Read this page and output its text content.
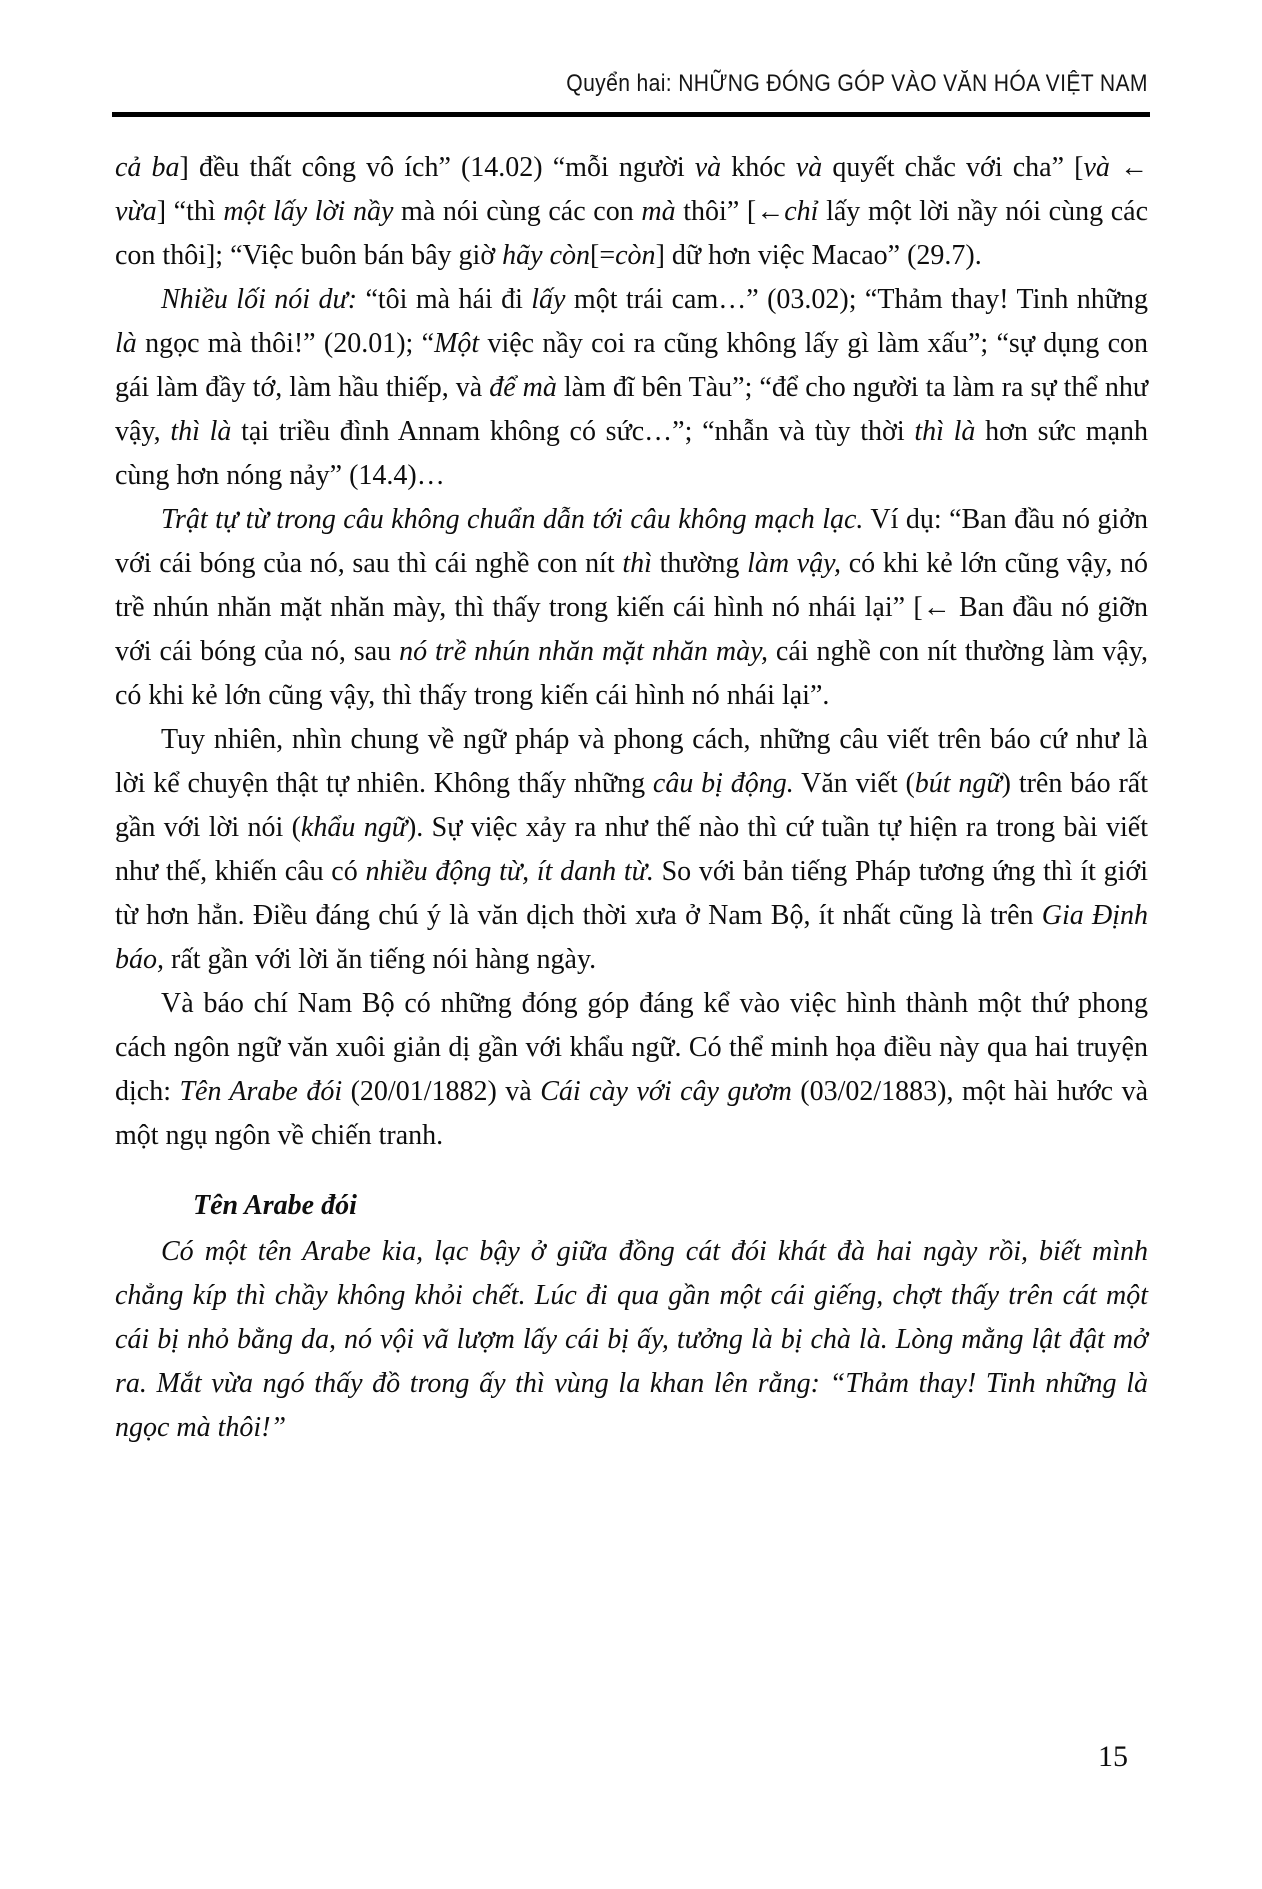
Quyển hai: NHỮNG ĐÓNG GÓP VÀO VĂN HÓA VIỆT NAM

cả ba] đều thất công vô ích” (14.02) “mỗi người và khóc và quyết chắc với cha” [và ← vừa] “thì một lấy lời nầy mà nói cùng các con mà thôi” [←chỉ lấy một lời nầy nói cùng các con thôi]; “Việc buôn bán bây giờ hãy còn[=còn] dữ hơn việc Macao” (29.7).

Nhiều lối nói dư: “tôi mà hái đi lấy một trái cam…” (03.02); “Thảm thay! Tinh những là ngọc mà thôi!” (20.01); “Một việc nầy coi ra cũng không lấy gì làm xấu”; “sự dụng con gái làm đầy tớ, làm hầu thiếp, và để mà làm đĩ bên Tàu”; “để cho người ta làm ra sự thể như vậy, thì là tại triều đình Annam không có sức…”; “nhẫn và tùy thời thì là hơn sức mạnh cùng hơn nóng nảy” (14.4)…

Trật tự từ trong câu không chuẩn dẫn tới câu không mạch lạc. Ví dụ: “Ban đầu nó giởn với cái bóng của nó, sau thì cái nghề con nít thì thường làm vậy, có khi kẻ lớn cũng vậy, nó trề nhún nhăn mặt nhăn mày, thì thấy trong kiến cái hình nó nhái lại” [← Ban đầu nó giỡn với cái bóng của nó, sau nó trề nhún nhăn mặt nhăn mày, cái nghề con nít thường làm vậy, có khi kẻ lớn cũng vậy, thì thấy trong kiến cái hình nó nhái lại”.

Tuy nhiên, nhìn chung về ngữ pháp và phong cách, những câu viết trên báo cứ như là lời kể chuyện thật tự nhiên. Không thấy những câu bị động. Văn viết (bút ngữ) trên báo rất gần với lời nói (khẩu ngữ). Sự việc xảy ra như thế nào thì cứ tuần tự hiện ra trong bài viết như thế, khiến câu có nhiều động từ, ít danh từ. So với bản tiếng Pháp tương ứng thì ít giới từ hơn hẳn. Điều đáng chú ý là văn dịch thời xưa ở Nam Bộ, ít nhất cũng là trên Gia Định báo, rất gần với lời ăn tiếng nói hàng ngày.

Và báo chí Nam Bộ có những đóng góp đáng kể vào việc hình thành một thứ phong cách ngôn ngữ văn xuôi giản dị gần với khẩu ngữ. Có thể minh họa điều này qua hai truyện dịch: Tên Arabe đói (20/01/1882) và Cái cày với cây gươm (03/02/1883), một hài hước và một ngụ ngôn về chiến tranh.

Tên Arabe đói

Có một tên Arabe kia, lạc bậy ở giữa đồng cát đói khát đà hai ngày rồi, biết mình chẳng kíp thì chầy không khỏi chết. Lúc đi qua gần một cái giếng, chợt thấy trên cát một cái bị nhỏ bằng da, nó vội vã lượm lấy cái bị ấy, tưởng là bị chà là. Lòng mằng lật đật mở ra. Mắt vừa ngó thấy đồ trong ấy thì vùng la khan lên rằng: “Thảm thay! Tinh những là ngọc mà thôi!”

15
